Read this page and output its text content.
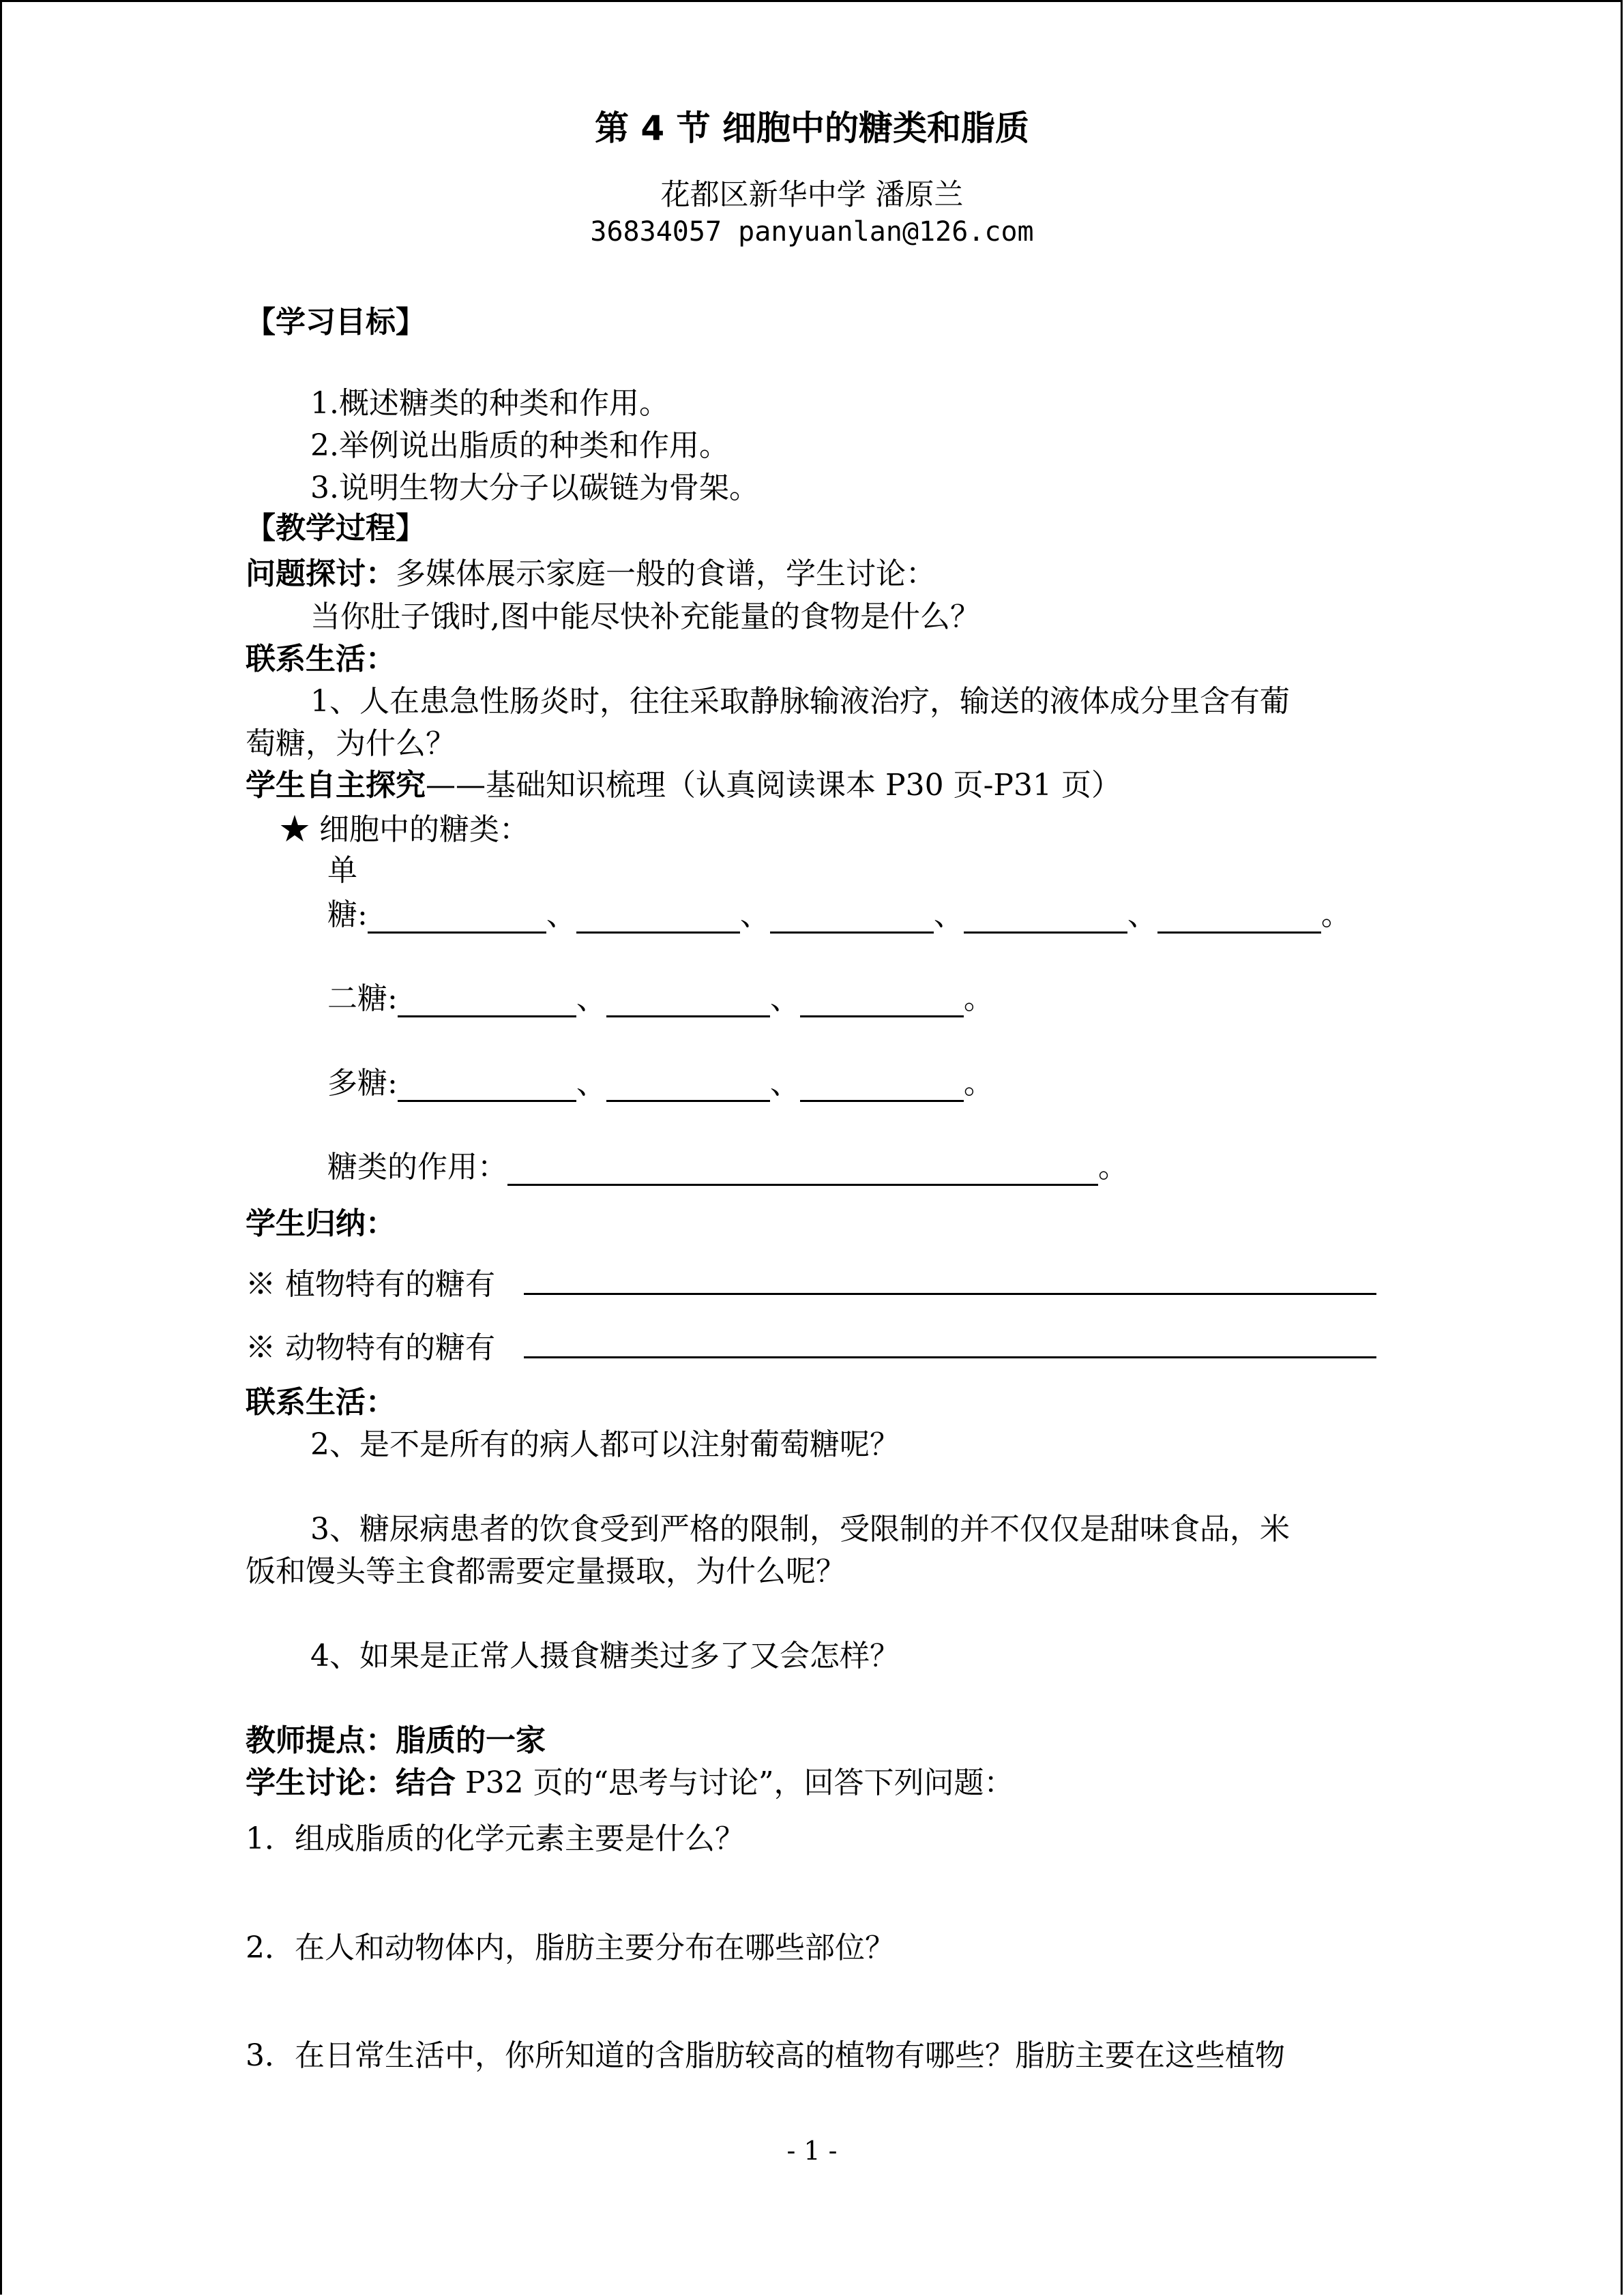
第 4 节 细胞中的糖类和脂质
花都区新华中学 潘原兰
36834057 panyuanlan@126.com
【学习目标】
1.概述糖类的种类和作用。
2.举例说出脂质的种类和作用。
3.说明生物大分子以碳链为骨架。
【教学过程】
问题探讨：多媒体展示家庭一般的食谱，学生讨论：
当你肚子饿时,图中能尽快补充能量的食物是什么？
联系生活：
1、人在患急性肠炎时，往往采取静脉输液治疗，输送的液体成分里含有葡
萄糖，为什么？
学生自主探究——基础知识梳理（认真阅读课本 P30 页-P31 页）
★ 细胞中的糖类：
单
糖:	、	、	、	、	。
二糖:	、	、	。
多糖:	、	、	。
糖类的作用：	。
学生归纳：
※ 植物特有的糖有
※ 动物特有的糖有
联系生活：
2、是不是所有的病人都可以注射葡萄糖呢？
3、糖尿病患者的饮食受到严格的限制，受限制的并不仅仅是甜味食品，米
饭和馒头等主食都需要定量摄取，为什么呢？
4、如果是正常人摄食糖类过多了又会怎样？
教师提点：脂质的一家
学生讨论：结合 P32 页的“思考与讨论”，回答下列问题：
1．组成脂质的化学元素主要是什么？
2．在人和动物体内，脂肪主要分布在哪些部位？
3．在日常生活中，你所知道的含脂肪较高的植物有哪些？脂肪主要在这些植物
- 1 -
